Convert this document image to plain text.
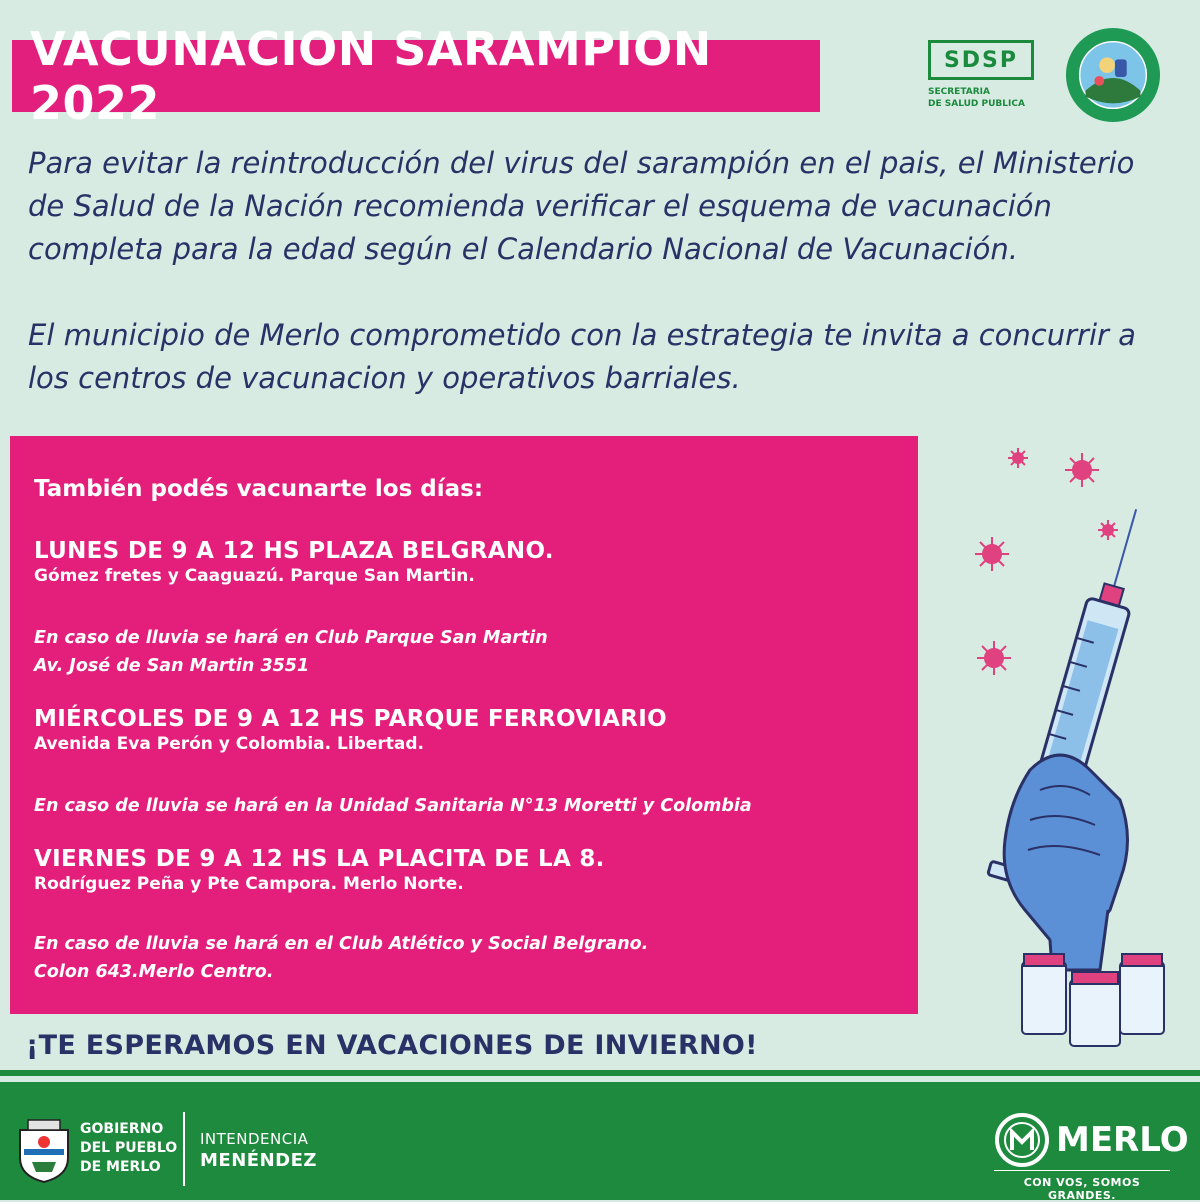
VACUNACION SARAMPION 2022
SDSP
SECRETARIA
DE SALUD PUBLICA

Para evitar la reintroducción del virus del sarampión en el pais, el Ministerio de Salud de la Nación recomienda verificar el esquema de vacunación completa para la edad según el Calendario Nacional de Vacunación.

El municipio de Merlo comprometido con la estrategia te invita a concurrir a los centros de vacunacion y operativos barriales.

También podés vacunarte los días:
LUNES DE 9 A 12 HS PLAZA BELGRANO.
Gómez fretes y Caaguazú. Parque San Martin.
En caso de lluvia se hará en Club Parque San Martin
Av. José de San Martin 3551
MIÉRCOLES DE 9 A 12 HS PARQUE FERROVIARIO
Avenida Eva Perón y Colombia. Libertad.
En caso de lluvia se hará en la Unidad Sanitaria N°13 Moretti y Colombia
VIERNES DE 9 A 12 HS LA PLACITA DE LA 8.
Rodríguez Peña y Pte Campora. Merlo Norte.
En caso de lluvia se hará en el Club Atlético y Social Belgrano.
Colon 643.Merlo Centro.
¡TE ESPERAMOS EN VACACIONES DE INVIERNO!
GOBIERNO
DEL PUEBLO
DE MERLO
INTENDENCIA
MENÉNDEZ
MERLO
CON VOS, SOMOS GRANDES.
